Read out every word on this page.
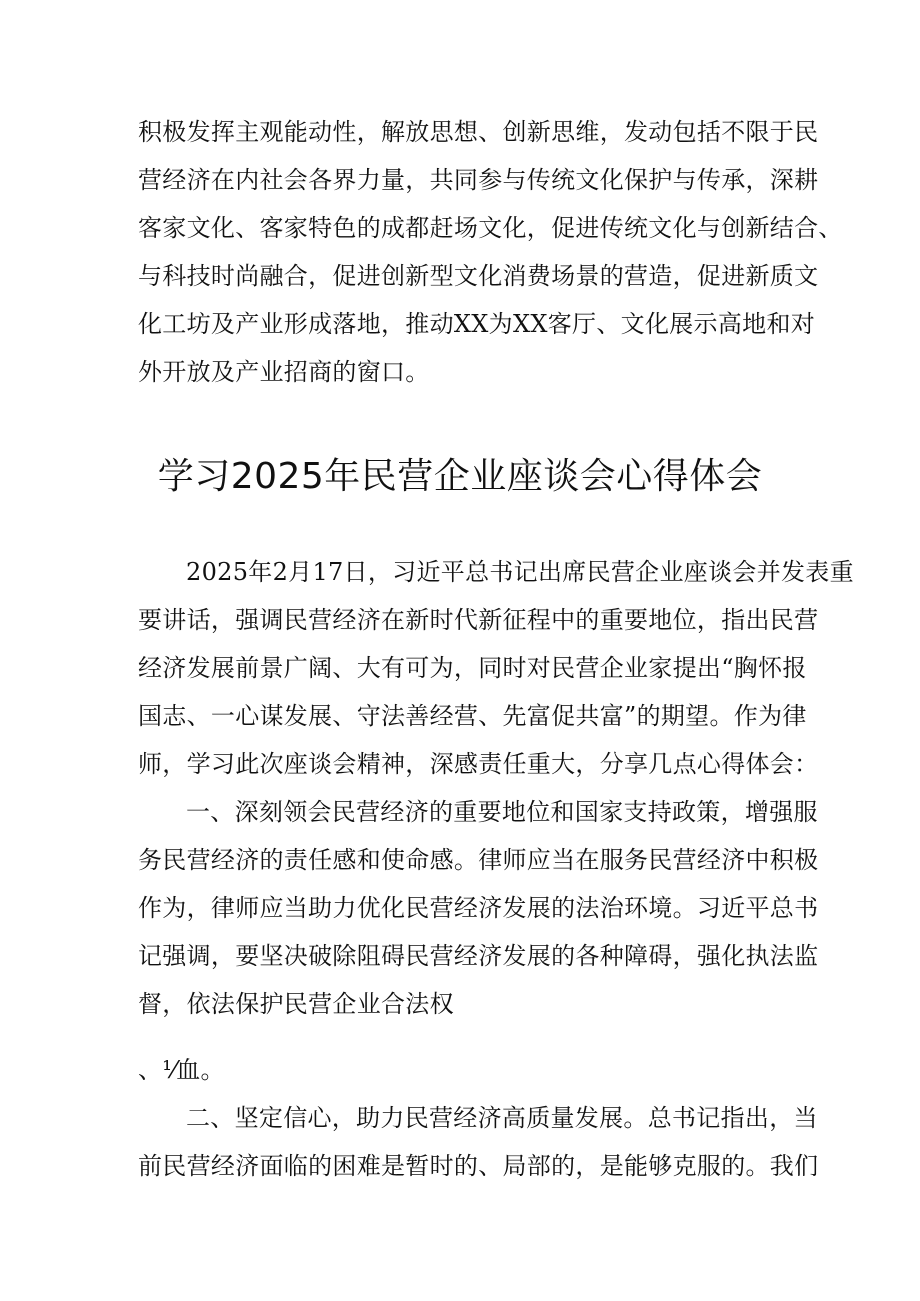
积极发挥主观能动性，解放思想、创新思维，发动包括不限于民
营经济在内社会各界力量，共同参与传统文化保护与传承，深耕
客家文化、客家特色的成都赶场文化，促进传统文化与创新结合、
与科技时尚融合，促进创新型文化消费场景的营造，促进新质文
化工坊及产业形成落地，推动XX为XX客厅、文化展示高地和对
外开放及产业招商的窗口。
学习2025年民营企业座谈会心得体会
2025年2月17日，习近平总书记出席民营企业座谈会并发表重
要讲话，强调民营经济在新时代新征程中的重要地位，指出民营
经济发展前景广阔、大有可为，同时对民营企业家提出“胸怀报
国志、一心谋发展、守法善经营、先富促共富”的期望。作为律
师，学习此次座谈会精神，深感责任重大，分享几点心得体会：
一、深刻领会民营经济的重要地位和国家支持政策，增强服
务民营经济的责任感和使命感。律师应当在服务民营经济中积极
作为，律师应当助力优化民营经济发展的法治环境。习近平总书
记强调，要坚决破除阻碍民营经济发展的各种障碍，强化执法监
督，依法保护民营企业合法权
、⅟血。
二、坚定信心，助力民营经济高质量发展。总书记指出，当
前民营经济面临的困难是暂时的、局部的，是能够克服的。我们
